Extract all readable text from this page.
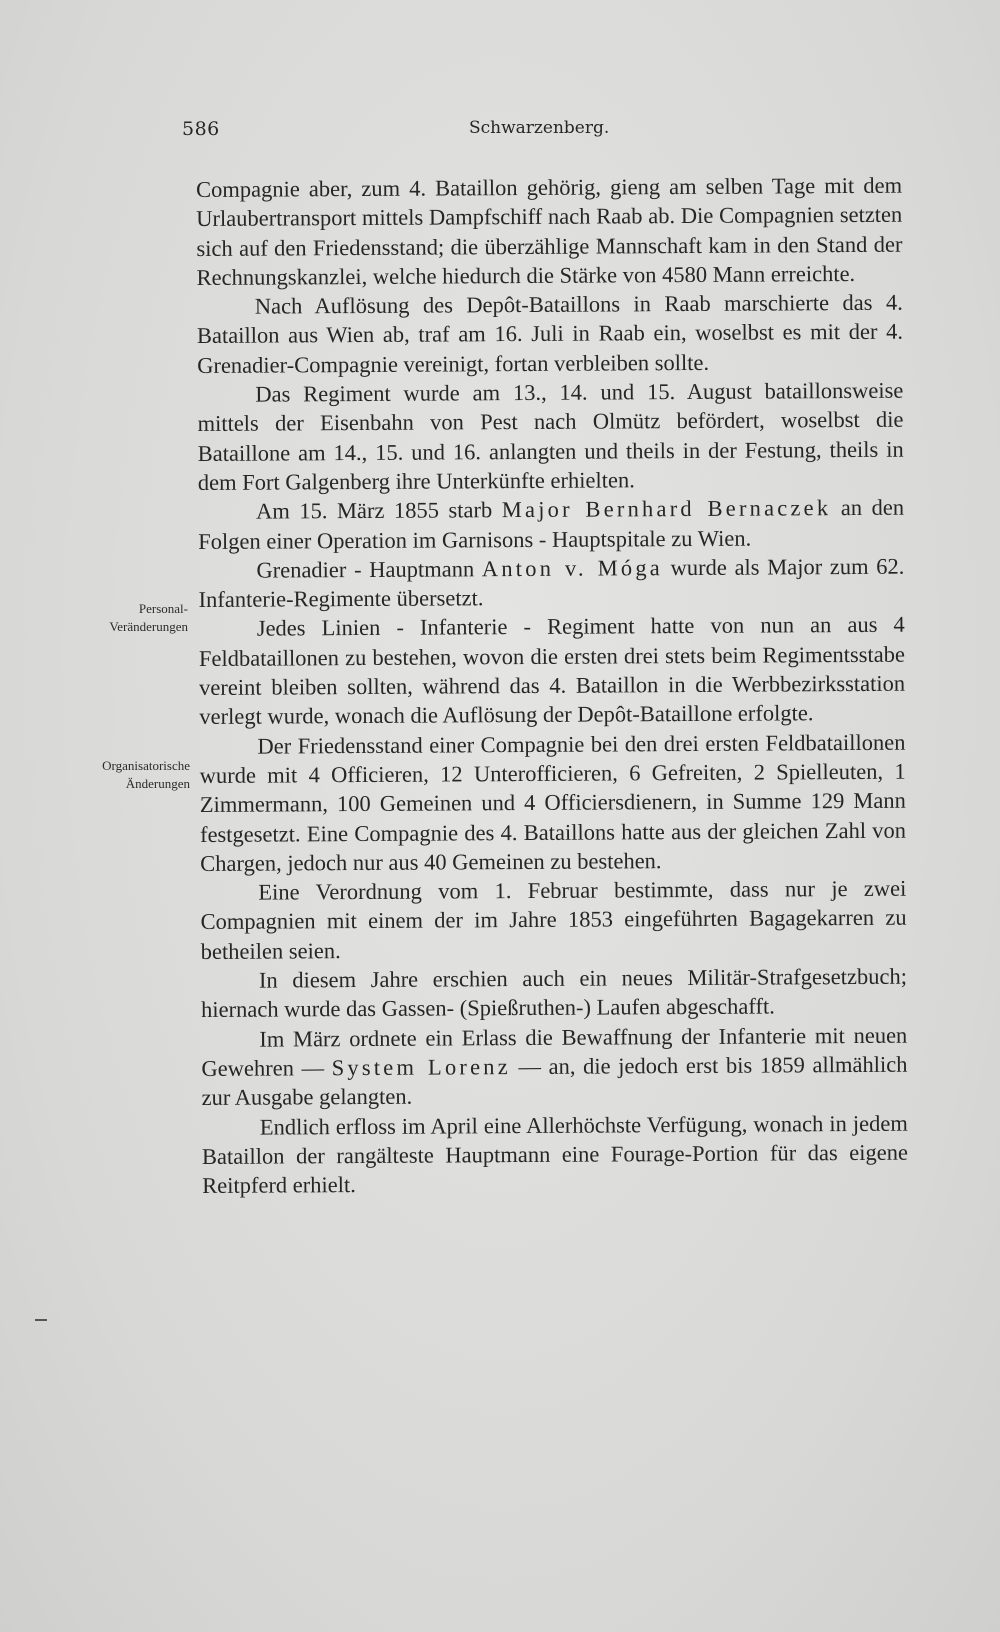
586	Schwarzenberg.
Personal-
Veränderungen
Organisatorische
Änderungen

Compagnie aber, zum 4. Bataillon gehörig, gieng am selben Tage mit dem Urlaubertransport mittels Dampfschiff nach Raab ab. Die Compagnien setzten sich auf den Friedensstand; die überzählige Mannschaft kam in den Stand der Rechnungskanzlei, welche hiedurch die Stärke von 4580 Mann erreichte.

Nach Auflösung des Depôt-Bataillons in Raab marschierte das 4. Bataillon aus Wien ab, traf am 16. Juli in Raab ein, woselbst es mit der 4. Grenadier-Compagnie vereinigt, fortan verbleiben sollte.

Das Regiment wurde am 13., 14. und 15. August bataillonsweise mittels der Eisenbahn von Pest nach Olmütz befördert, woselbst die Bataillone am 14., 15. und 16. anlangten und theils in der Festung, theils in dem Fort Galgenberg ihre Unterkünfte erhielten.

Am 15. März 1855 starb Major Bernhard Bernaczek an den Folgen einer Operation im Garnisons - Hauptspitale zu Wien.

Grenadier - Hauptmann Anton v. Móga wurde als Major zum 62. Infanterie-Regimente übersetzt.

Jedes Linien - Infanterie - Regiment hatte von nun an aus 4 Feldbataillonen zu bestehen, wovon die ersten drei stets beim Regimentsstabe vereint bleiben sollten, während das 4. Bataillon in die Werbbezirksstation verlegt wurde, wonach die Auflösung der Depôt-Bataillone erfolgte.

Der Friedensstand einer Compagnie bei den drei ersten Feldbataillonen wurde mit 4 Officieren, 12 Unterofficieren, 6 Gefreiten, 2 Spielleuten, 1 Zimmermann, 100 Gemeinen und 4 Officiersdienern, in Summe 129 Mann festgesetzt. Eine Compagnie des 4. Bataillons hatte aus der gleichen Zahl von Chargen, jedoch nur aus 40 Gemeinen zu bestehen.

Eine Verordnung vom 1. Februar bestimmte, dass nur je zwei Compagnien mit einem der im Jahre 1853 eingeführten Bagagekarren zu betheilen seien.

In diesem Jahre erschien auch ein neues Militär-Strafgesetzbuch; hiernach wurde das Gassen- (Spießruthen-) Laufen abgeschafft.

Im März ordnete ein Erlass die Bewaffnung der Infanterie mit neuen Gewehren — System Lorenz — an, die jedoch erst bis 1859 allmählich zur Ausgabe gelangten.

Endlich erfloss im April eine Allerhöchste Verfügung, wonach in jedem Bataillon der rangälteste Hauptmann eine Fourage-Portion für das eigene Reitpferd erhielt.
